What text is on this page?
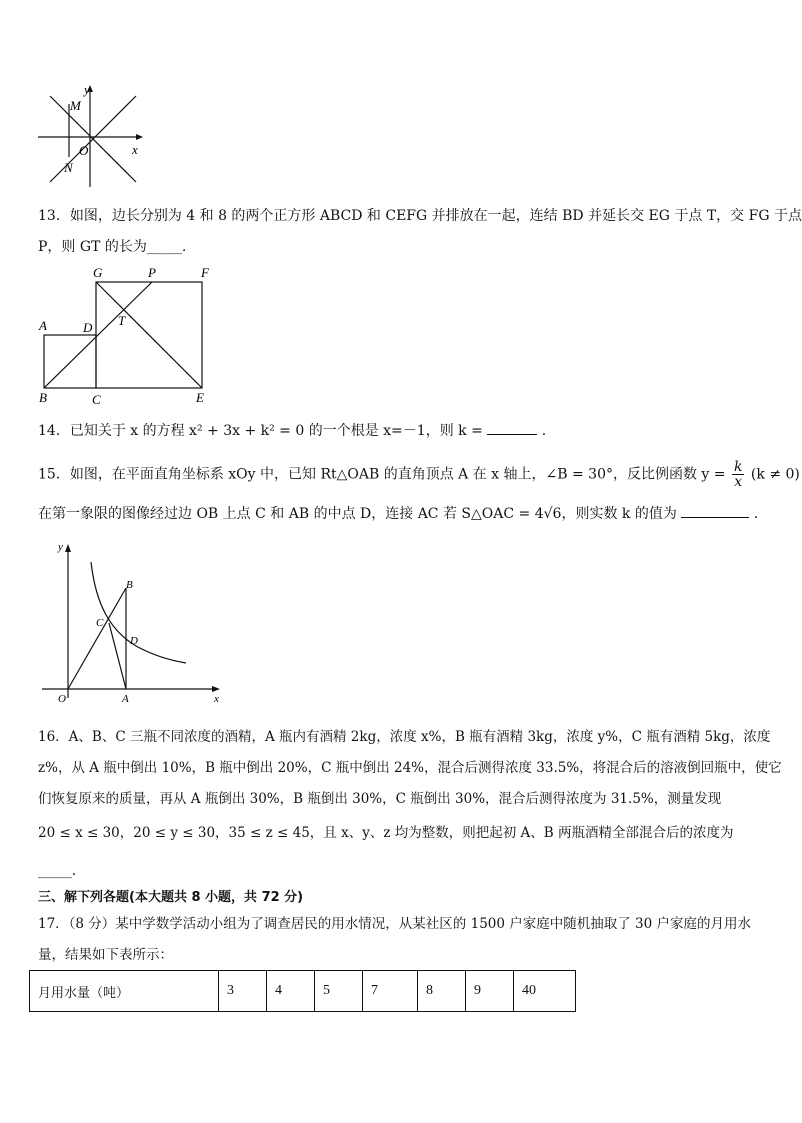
y
M
O
N
x
13．如图，边长分别为 4 和 8 的两个正方形 ABCD 和 CEFG 并排放在一起，连结 BD 并延长交 EG 于点 T，交 FG 于点
P，则 GT 的长为_____.
G	P	F
A	D T
B	C	E
14．已知关于 x 的方程 x² + 3x + k² = 0 的一个根是 x=－1，则 k =	.
15．如图，在平面直角坐标系 xOy 中，已知 Rt△OAB 的直角顶点 A 在 x 轴上，∠B = 30°，反比例函数 $y = \frac{k}{x} (k \ne 0)$
在第一象限的图像经过边 OB 上点 C 和 AB 的中点 D，连接 AC 若 S△OAC = 4√6，则实数 k 的值为	.
y
B
C
D
O	A	x
16．A、B、C 三瓶不同浓度的酒精，A 瓶内有酒精 2kg，浓度 x%，B 瓶有酒精 3kg，浓度 y%，C 瓶有酒精 5kg，浓度
z%，从 A 瓶中倒出 10%，B 瓶中倒出 20%，C 瓶中倒出 24%，混合后测得浓度 33.5%，将混合后的溶液倒回瓶中，使它
们恢复原来的质量，再从 A 瓶倒出 30%，B 瓶倒出 30%，C 瓶倒出 30%，混合后测得浓度为 31.5%，测量发现
20 ≤ x ≤ 30，20 ≤ y ≤ 30，35 ≤ z ≤ 45，且 x、y、z 均为整数，则把起初 A、B 两瓶酒精全部混合后的浓度为
_____.
三、解下列各题(本大题共 8 小题，共 72 分)
17．（8 分）某中学数学活动小组为了调查居民的用水情况，从某社区的 1500 户家庭中随机抽取了 30 户家庭的月用水
量，结果如下表所示：
月用水量（吨）	3	4	5	7	8	9	40
